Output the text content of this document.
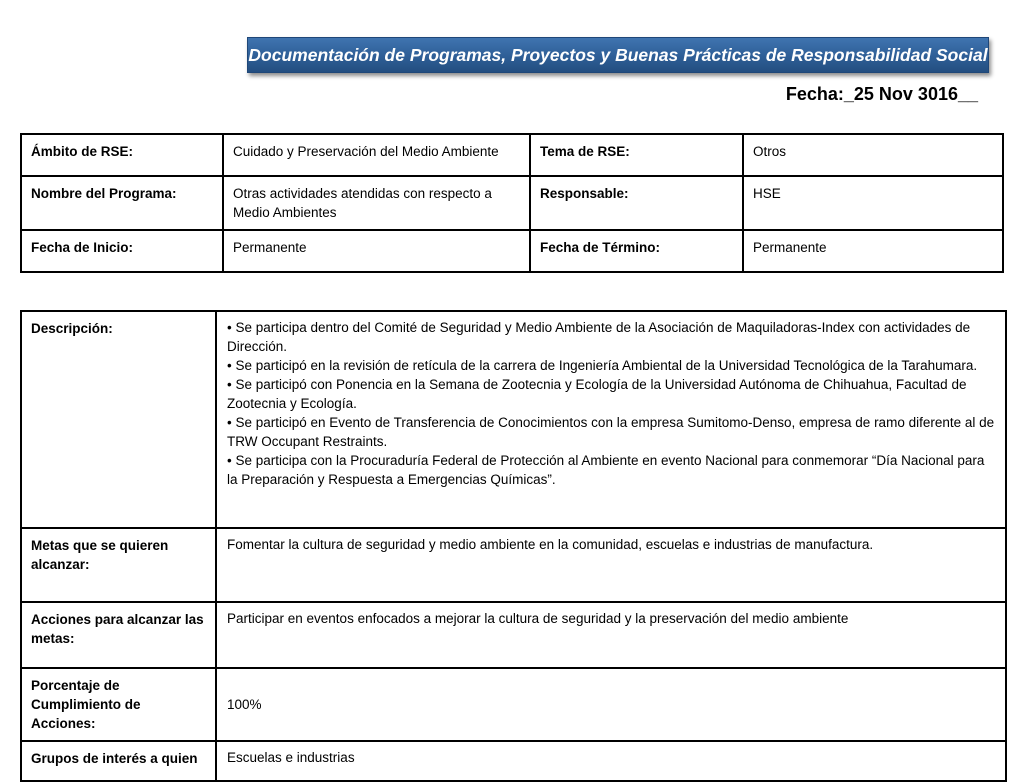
Documentación de Programas, Proyectos y Buenas Prácticas de Responsabilidad Social
Fecha:_25 Nov 3016__
Ámbito de RSE:	Cuidado y Preservación del Medio Ambiente	Tema de RSE:	Otros
Nombre del Programa:	Otras actividades atendidas con respecto a Medio Ambientes	Responsable:	HSE
Fecha de Inicio:	Permanente	Fecha de Término:	Permanente
Descripción:	• Se participa dentro del Comité de Seguridad y Medio Ambiente de la Asociación de Maquiladoras-Index con actividades de Dirección.

• Se participó en la revisión de retícula de la carrera de Ingeniería Ambiental de la Universidad Tecnológica de la Tarahumara.

• Se participó con Ponencia en la Semana de Zootecnia y Ecología de la Universidad Autónoma de Chihuahua, Facultad de Zootecnia y Ecología.

• Se participó en Evento de Transferencia de Conocimientos con la empresa Sumitomo-Denso, empresa de ramo diferente al de TRW Occupant Restraints.

• Se participa con la Procuraduría Federal de Protección al Ambiente en evento Nacional para conmemorar “Día Nacional para la Preparación y Respuesta a Emergencias Químicas”.

Metas que se quieren alcanzar:	Fomentar la cultura de seguridad y medio ambiente en la comunidad, escuelas e industrias de manufactura.
Acciones para alcanzar las metas:	Participar en eventos enfocados a mejorar la cultura de seguridad y la preservación del medio ambiente
Porcentaje de Cumplimiento de Acciones:	100%
Grupos de interés a quien	Escuelas e industrias
